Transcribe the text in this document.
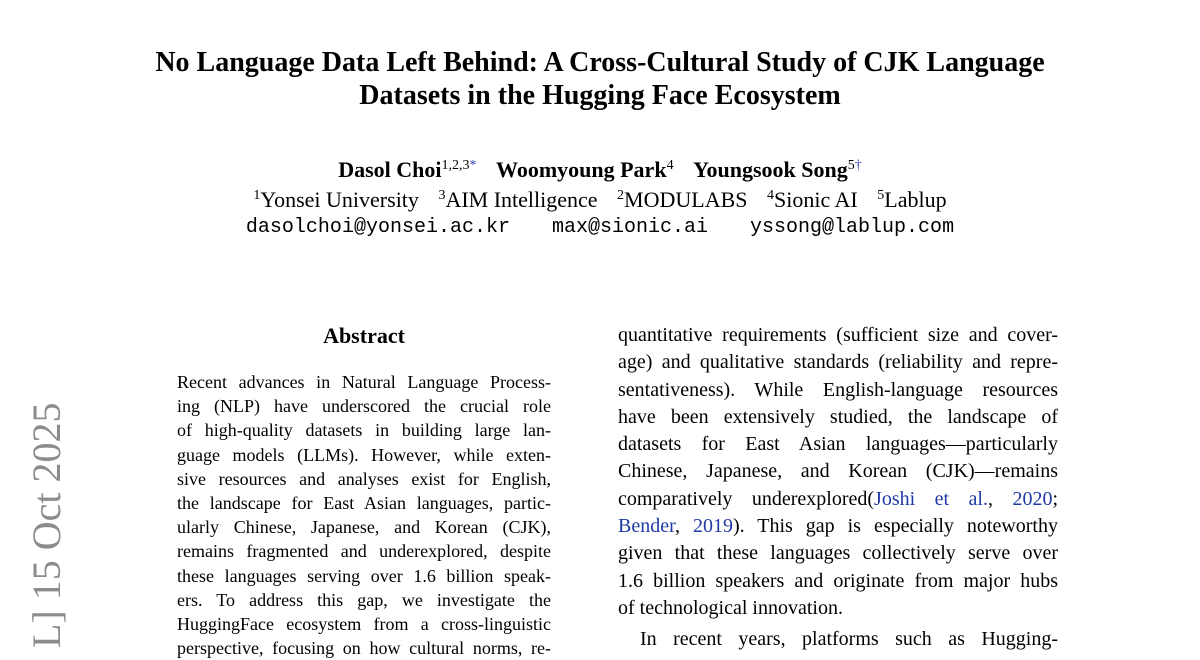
L] 15 Oct 2025
No Language Data Left Behind: A Cross-Cultural Study of CJK Language
Datasets in the Hugging Face Ecosystem
Dasol Choi$^{1,2,3*}$ Woomyoung Park$^4$ Youngsook Song$^{5\dagger}$
$^1$Yonsei University $^3$AIM Intelligence $^2$MODULABS $^4$Sionic AI $^5$Lablup
dasolchoi@yonsei.ac.kr max@sionic.ai yssong@lablup.com
Abstract
Recent advances in Natural Language Process-
ing (NLP) have underscored the crucial role
of high-quality datasets in building large lan-
guage models (LLMs). However, while exten-
sive resources and analyses exist for English,
the landscape for East Asian languages, partic-
ularly Chinese, Japanese, and Korean (CJK),
remains fragmented and underexplored, despite
these languages serving over 1.6 billion speak-
ers. To address this gap, we investigate the
HuggingFace ecosystem from a cross-linguistic
perspective, focusing on how cultural norms, re-
quantitative requirements (sufficient size and cover-
age) and qualitative standards (reliability and repre-
sentativeness). While English-language resources
have been extensively studied, the landscape of
datasets for East Asian languages—particularly
Chinese, Japanese, and Korean (CJK)—remains
comparatively underexplored(Joshi et al., 2020;
Bender, 2019). This gap is especially noteworthy
given that these languages collectively serve over
1.6 billion speakers and originate from major hubs
of technological innovation.
In recent years, platforms such as Hugging-
